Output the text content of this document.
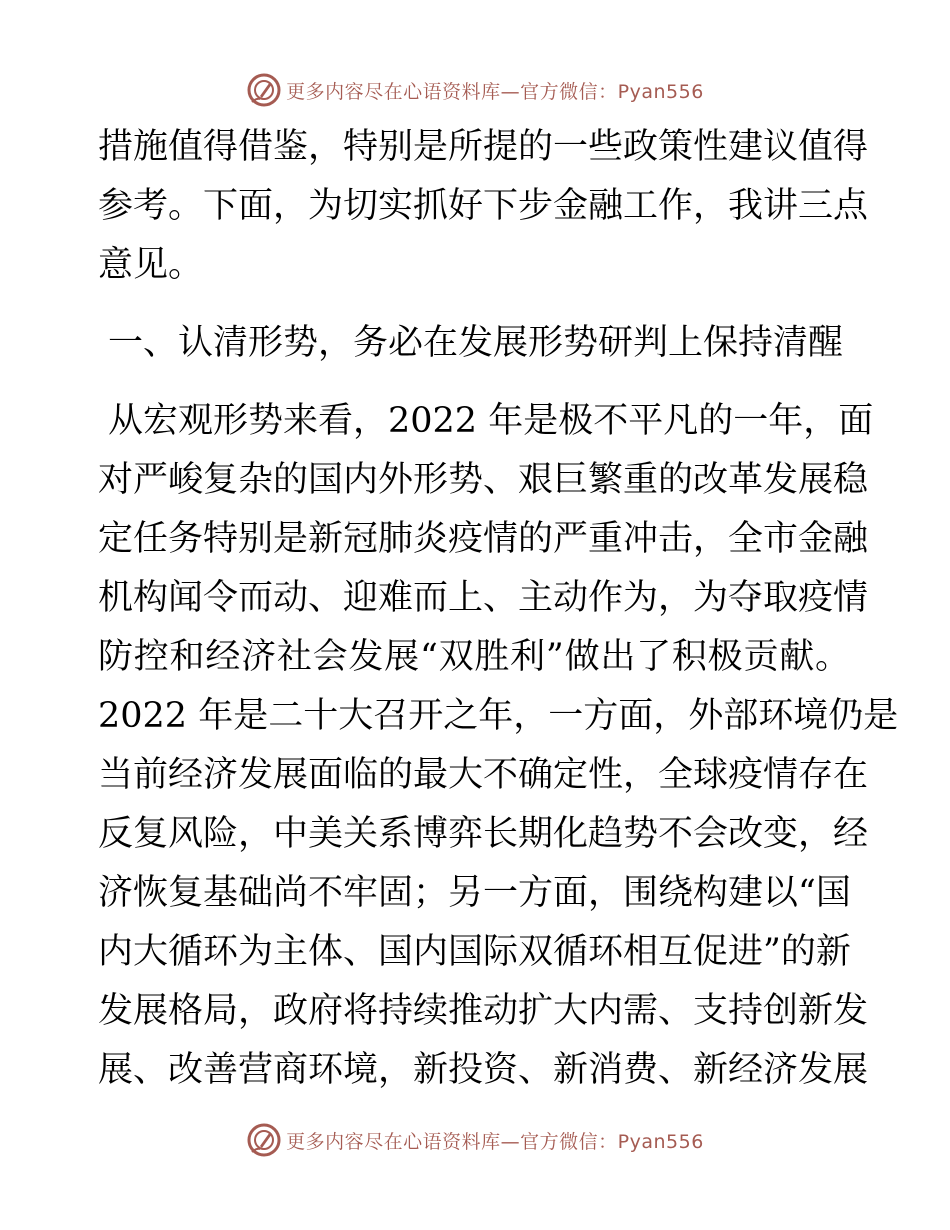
更多内容尽在心语资料库—官方微信：Pyan556
措施值得借鉴，特别是所提的一些政策性建议值得
参考。下面，为切实抓好下步金融工作，我讲三点
意见。
一、认清形势，务必在发展形势研判上保持清醒
从宏观形势来看，2022 年是极不平凡的一年，面
对严峻复杂的国内外形势、艰巨繁重的改革发展稳
定任务特别是新冠肺炎疫情的严重冲击，全市金融
机构闻令而动、迎难而上、主动作为，为夺取疫情
防控和经济社会发展“双胜利”做出了积极贡献。
2022 年是二十大召开之年，一方面，外部环境仍是
当前经济发展面临的最大不确定性，全球疫情存在
反复风险，中美关系博弈长期化趋势不会改变，经
济恢复基础尚不牢固；另一方面，围绕构建以“国
内大循环为主体、国内国际双循环相互促进”的新
发展格局，政府将持续推动扩大内需、支持创新发
展、改善营商环境，新投资、新消费、新经济发展
更多内容尽在心语资料库—官方微信：Pyan556
